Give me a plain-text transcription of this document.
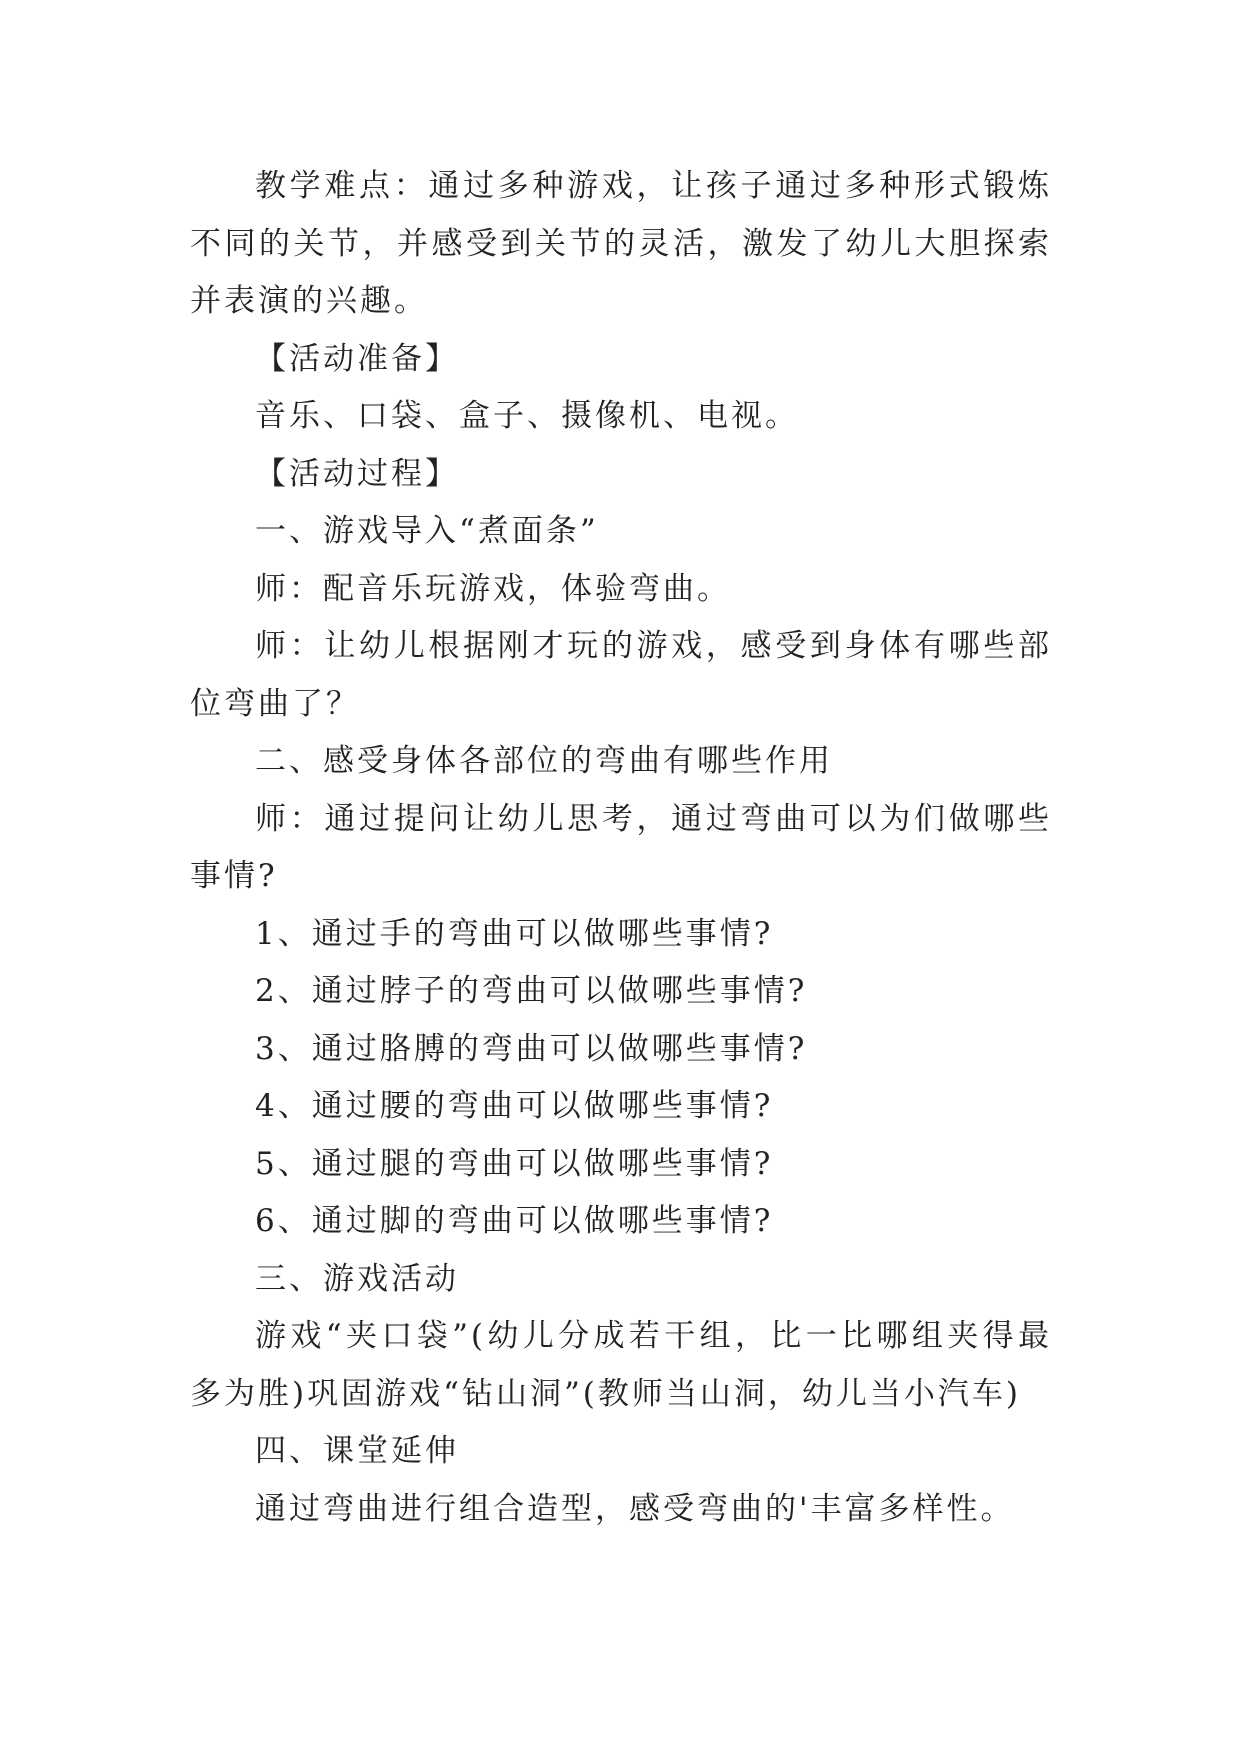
教学难点：通过多种游戏，让孩子通过多种形式锻炼不同的关节，并感受到关节的灵活，激发了幼儿大胆探索并表演的兴趣。

【活动准备】

音乐、口袋、盒子、摄像机、电视。

【活动过程】

一、游戏导入“煮面条”

师：配音乐玩游戏，体验弯曲。

师：让幼儿根据刚才玩的游戏，感受到身体有哪些部位弯曲了？

二、感受身体各部位的弯曲有哪些作用

师：通过提问让幼儿思考，通过弯曲可以为们做哪些事情?

1、通过手的弯曲可以做哪些事情?

2、通过脖子的弯曲可以做哪些事情?

3、通过胳膊的弯曲可以做哪些事情?

4、通过腰的弯曲可以做哪些事情?

5、通过腿的弯曲可以做哪些事情?

6、通过脚的弯曲可以做哪些事情?

三、游戏活动

游戏“夹口袋”(幼儿分成若干组，比一比哪组夹得最多为胜)巩固游戏“钻山洞”(教师当山洞，幼儿当小汽车)

四、课堂延伸

通过弯曲进行组合造型，感受弯曲的'丰富多样性。
